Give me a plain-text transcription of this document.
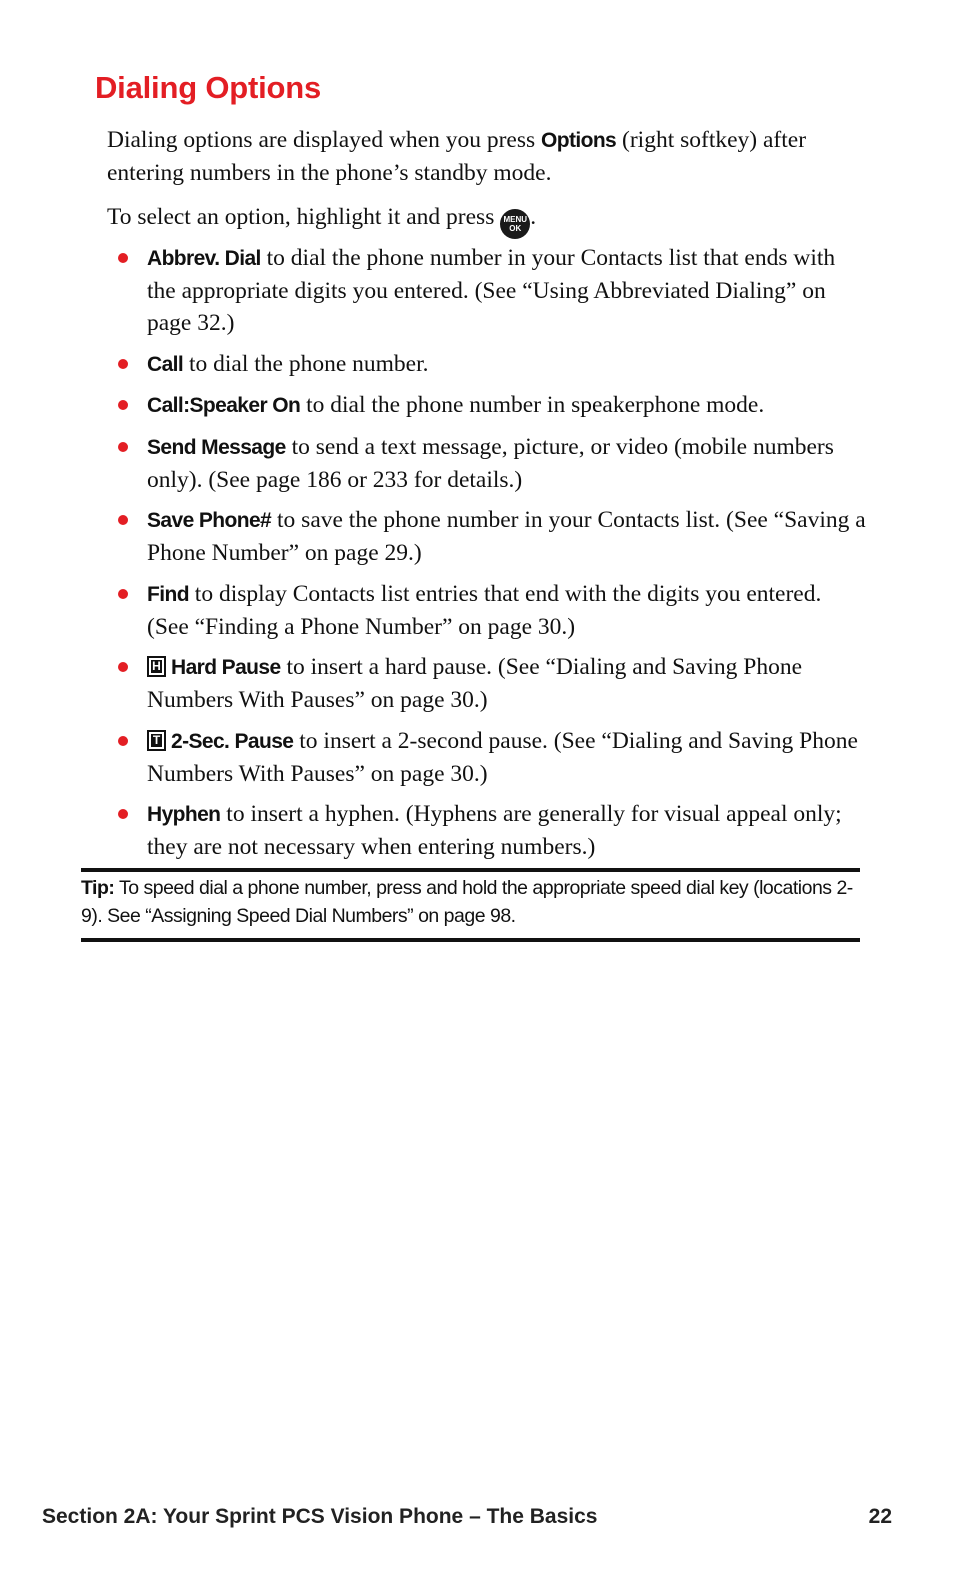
Dialing Options

Dialing options are displayed when you press Options (right softkey) after entering numbers in the phone’s standby mode.

To select an option, highlight it and press MENU
OK .

Abbrev. Dial to dial the phone number in your Contacts list that ends with the appropriate digits you entered. (See “Using Abbreviated Dialing” on page 32.)
Call to dial the phone number.
Call:Speaker On to dial the phone number in speakerphone mode.
Send Message to send a text message, picture, or video (mobile numbers only). (See page 186 or 233 for details.)
Save Phone# to save the phone number in your Contacts list. (See “Saving a Phone Number” on page 29.)
Find to display Contacts list entries that end with the digits you entered. (See “Finding a Phone Number” on page 30.)
H Hard Pause to insert a hard pause. (See “Dialing and Saving Phone Numbers With Pauses” on page 30.)
T 2-Sec. Pause to insert a 2-second pause. (See “Dialing and Saving Phone Numbers With Pauses” on page 30.)
Hyphen to insert a hyphen. (Hyphens are generally for visual appeal only; they are not necessary when entering numbers.)

Tip: To speed dial a phone number, press and hold the appropriate speed dial key (locations 2-9). See “Assigning Speed Dial Numbers” on page 98.

Section 2A: Your Sprint PCS Vision Phone – The Basics	22
